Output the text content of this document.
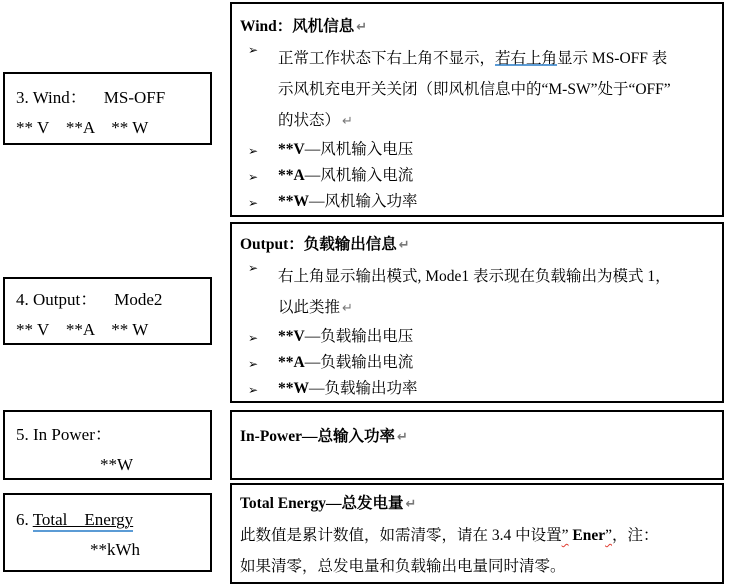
3. Wind：    MS-OFF
** V    **A    ** W
4. Output：    Mode2
** V    **A    ** W
5. In Power：
**W
6. Total    Energy
**kWh
Wind：风机信息 ↵
➢ 正常工作状态下右上角不显示，若右上角显示 MS-OFF 表
示风机充电开关关闭（即风机信息中的“M-SW”处于“OFF”
的状态） ↵
➢ **V—风机输入电压
➢ **A—风机输入电流
➢ **W—风机输入功率
Output：负载输出信息 ↵
➢ 右上角显示输出模式, Mode1 表示现在负载输出为模式 1，
以此类推 ↵
➢ **V—负载输出电压
➢ **A—负载输出电流
➢ **W—负载输出功率
In-Power—总输入功率 ↵
Total Energy—总发电量 ↵
此数值是累计数值，如需清零，请在 3.4 中设置” Ener”，注：
如果清零，总发电量和负载输出电量同时清零。
